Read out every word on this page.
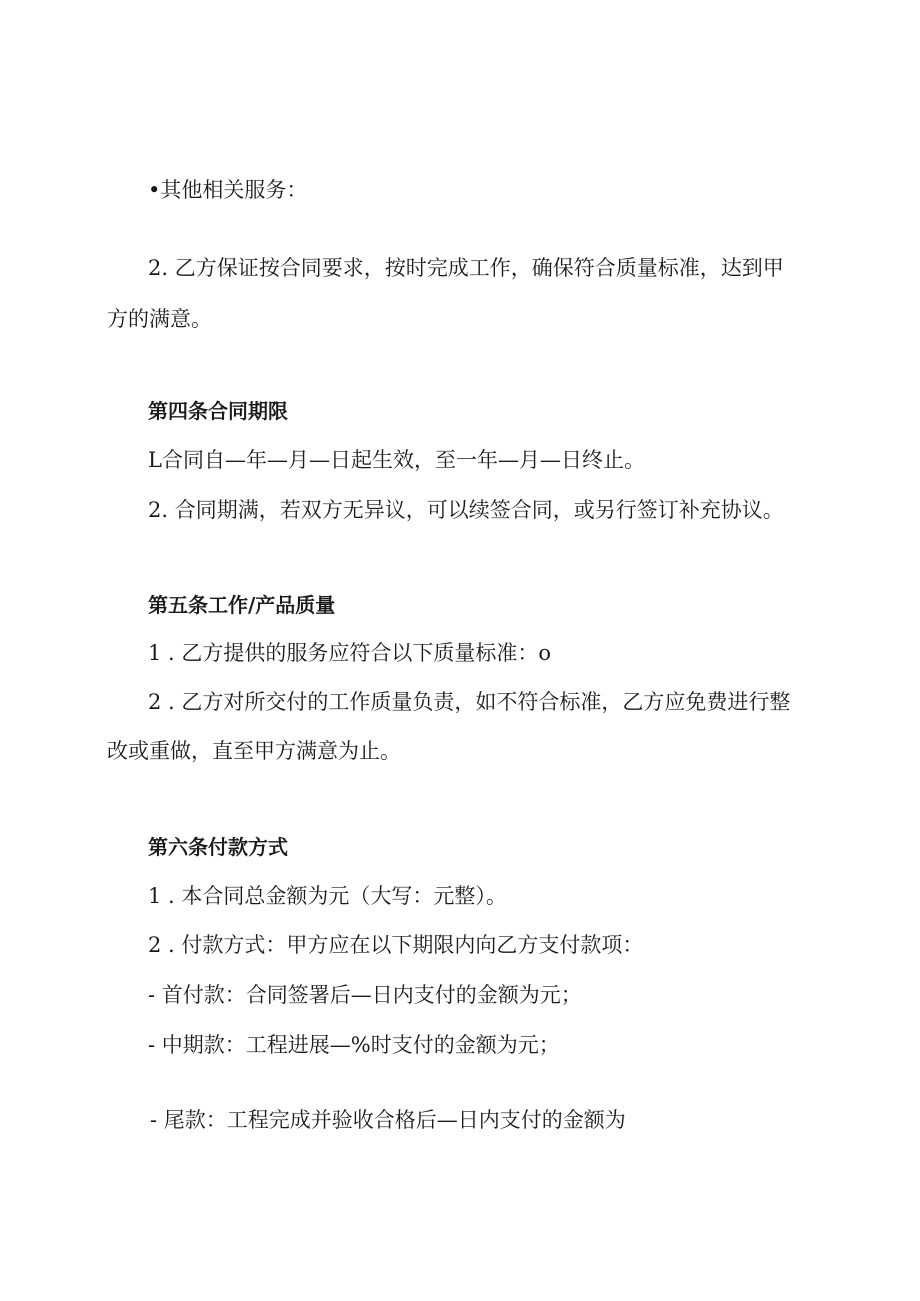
•其他相关服务：
2. 乙方保证按合同要求，按时完成工作，确保符合质量标准，达到甲
方的满意。
第四条合同期限
L合同自—年—月—日起生效，至一年—月—日终止。
2. 合同期满，若双方无异议，可以续签合同，或另行签订补充协议。
第五条工作/产品质量
1 . 乙方提供的服务应符合以下质量标准：o
2 . 乙方对所交付的工作质量负责，如不符合标准，乙方应免费进行整
改或重做，直至甲方满意为止。
第六条付款方式
1 . 本合同总金额为元（大写：元整）。
2 . 付款方式：甲方应在以下期限内向乙方支付款项：
- 首付款：合同签署后—日内支付的金额为元；
- 中期款：工程进展—%时支付的金额为元；
- 尾款：工程完成并验收合格后—日内支付的金额为
